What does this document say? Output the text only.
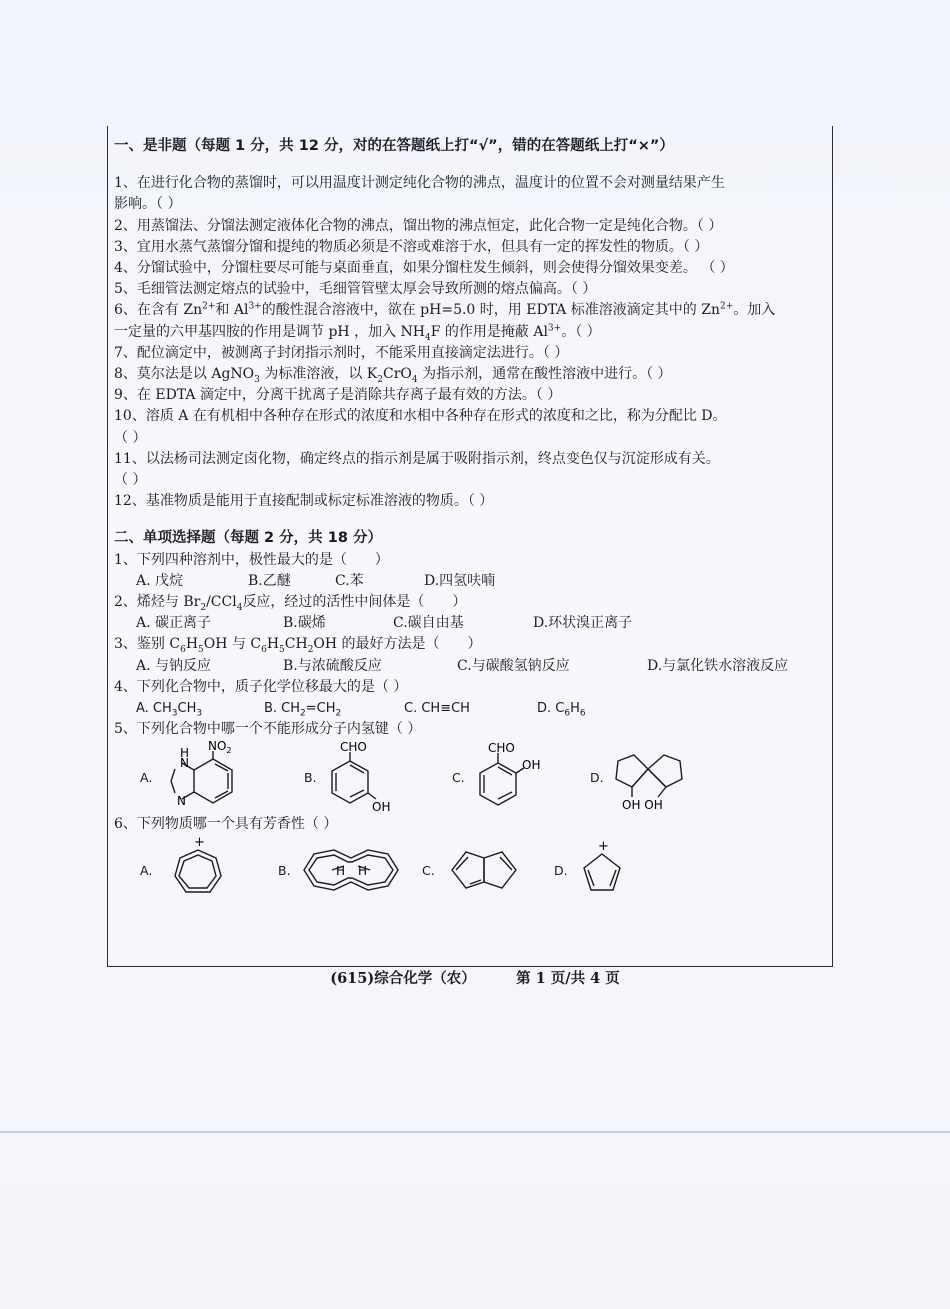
一、是非题（每题 1 分，共 12 分，对的在答题纸上打“√”，错的在答题纸上打“×”）

1、在进行化合物的蒸馏时，可以用温度计测定纯化合物的沸点，温度计的位置不会对测量结果产生

影响。（ ）

2、用蒸馏法、分馏法测定液体化合物的沸点，馏出物的沸点恒定，此化合物一定是纯化合物。（ ）

3、宜用水蒸气蒸馏分馏和提纯的物质必须是不溶或难溶于水，但具有一定的挥发性的物质。（ ）

4、分馏试验中，分馏柱要尽可能与桌面垂直，如果分馏柱发生倾斜，则会使得分馏效果变差。 （ ）

5、毛细管法测定熔点的试验中，毛细管管壁太厚会导致所测的熔点偏高。（ ）

6、在含有 $Zn^{2+}$和 $Al^{3+}$的酸性混合溶液中，欲在 pH=5.0 时，用 EDTA 标准溶液滴定其中的 $Zn^{2+}$。加入

一定量的六甲基四胺的作用是调节 pH ，加入 $NH_4F$ 的作用是掩蔽 $Al^{3+}$。（ ）

7、配位滴定中，被测离子封闭指示剂时，不能采用直接滴定法进行。（ ）

8、莫尔法是以 AgNO$_3$ 为标准溶液，以 $K_2CrO_4$ 为指示剂，通常在酸性溶液中进行。（ ）

9、在 EDTA 滴定中，分离干扰离子是消除共存离子最有效的方法。（ ）

10、溶质 A 在有机相中各种存在形式的浓度和水相中各种存在形式的浓度和之比，称为分配比 D。

（ ）

11、以法杨司法测定卤化物，确定终点的指示剂是属于吸附指示剂，终点变色仅与沉淀形成有关。

（ ）

12、基准物质是能用于直接配制或标定标准溶液的物质。（ ）

二、单项选择题（每题 2 分，共 18 分）

1、下列四种溶剂中，极性最大的是（　　）

A. 戊烷	B.乙醚	C.苯	D.四氢呋喃

2、烯烃与 $Br_2/CCl_4$反应，经过的活性中间体是（　　）

A. 碳正离子	B.碳烯	C.碳自由基	D.环状溴正离子

3、鉴别 $C_6H_5OH$ 与 $C_6H_5CH_2OH$ 的最好方法是（　　）

A. 与钠反应	B.与浓硫酸反应	C.与碳酸氢钠反应	D.与氯化铁水溶液反应

4、下列化合物中，质子化学位移最大的是（ ）

A. $CH_3CH_3$	B. $CH_2=CH_2$	C. CH≡CH	D. $C_6H_6$

5、下列化合物中哪一个不能形成分子内氢键（ ）

A.
N
H
N
$NO_2$
B.
CHO
OH
C.
CHO
OH
D.
OH OH

6、下列物质哪一个具有芳香性（ ）

A.
+
B.	H H	C.	D.
+
(615)综合化学（农）        第 1 页/共 4 页
